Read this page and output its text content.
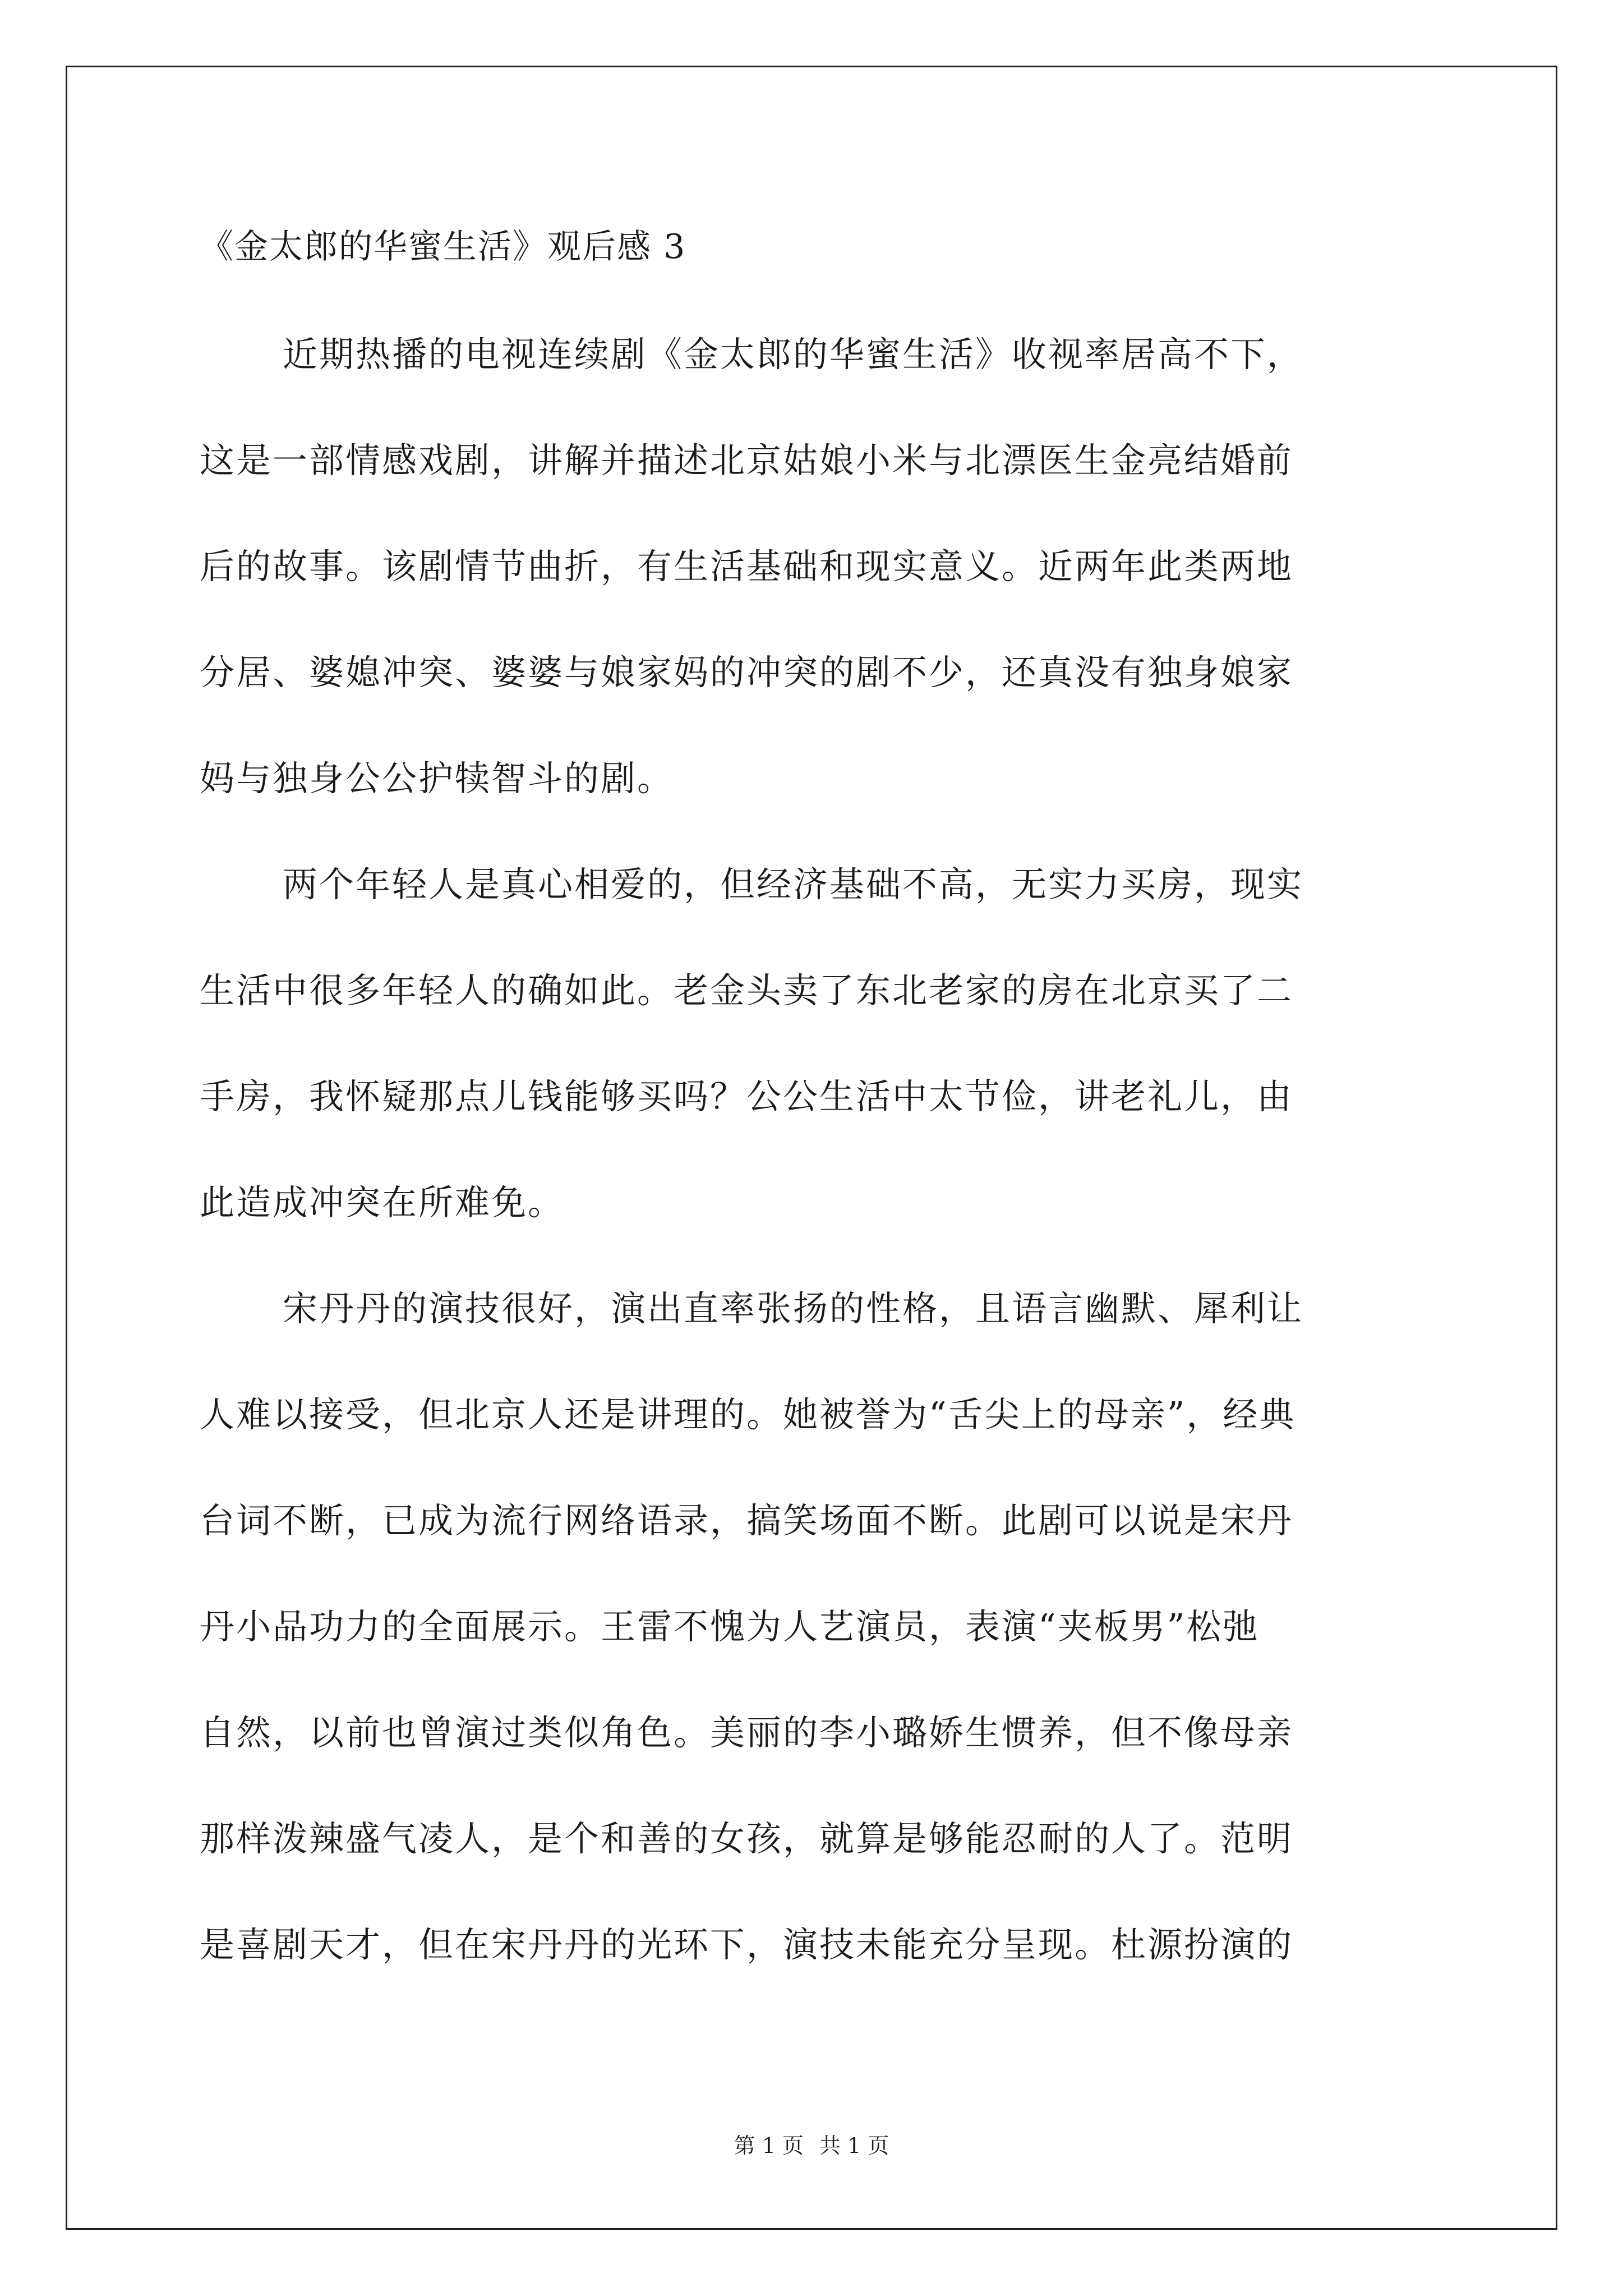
《金太郎的华蜜生活》观后感 3
近期热播的电视连续剧《金太郎的华蜜生活》收视率居高不下，
这是一部情感戏剧，讲解并描述北京姑娘小米与北漂医生金亮结婚前
后的故事。该剧情节曲折，有生活基础和现实意义。近两年此类两地
分居、婆媳冲突、婆婆与娘家妈的冲突的剧不少，还真没有独身娘家
妈与独身公公护犊智斗的剧。
两个年轻人是真心相爱的，但经济基础不高，无实力买房，现实
生活中很多年轻人的确如此。老金头卖了东北老家的房在北京买了二
手房，我怀疑那点儿钱能够买吗？公公生活中太节俭，讲老礼儿，由
此造成冲突在所难免。
宋丹丹的演技很好，演出直率张扬的性格，且语言幽默、犀利让
人难以接受，但北京人还是讲理的。她被誉为“舌尖上的母亲”，经典
台词不断，已成为流行网络语录，搞笑场面不断。此剧可以说是宋丹
丹小品功力的全面展示。王雷不愧为人艺演员，表演“夹板男”松弛
自然，以前也曾演过类似角色。美丽的李小璐娇生惯养，但不像母亲
那样泼辣盛气凌人，是个和善的女孩，就算是够能忍耐的人了。范明
是喜剧天才，但在宋丹丹的光环下，演技未能充分呈现。杜源扮演的
第 1 页 共 1 页
